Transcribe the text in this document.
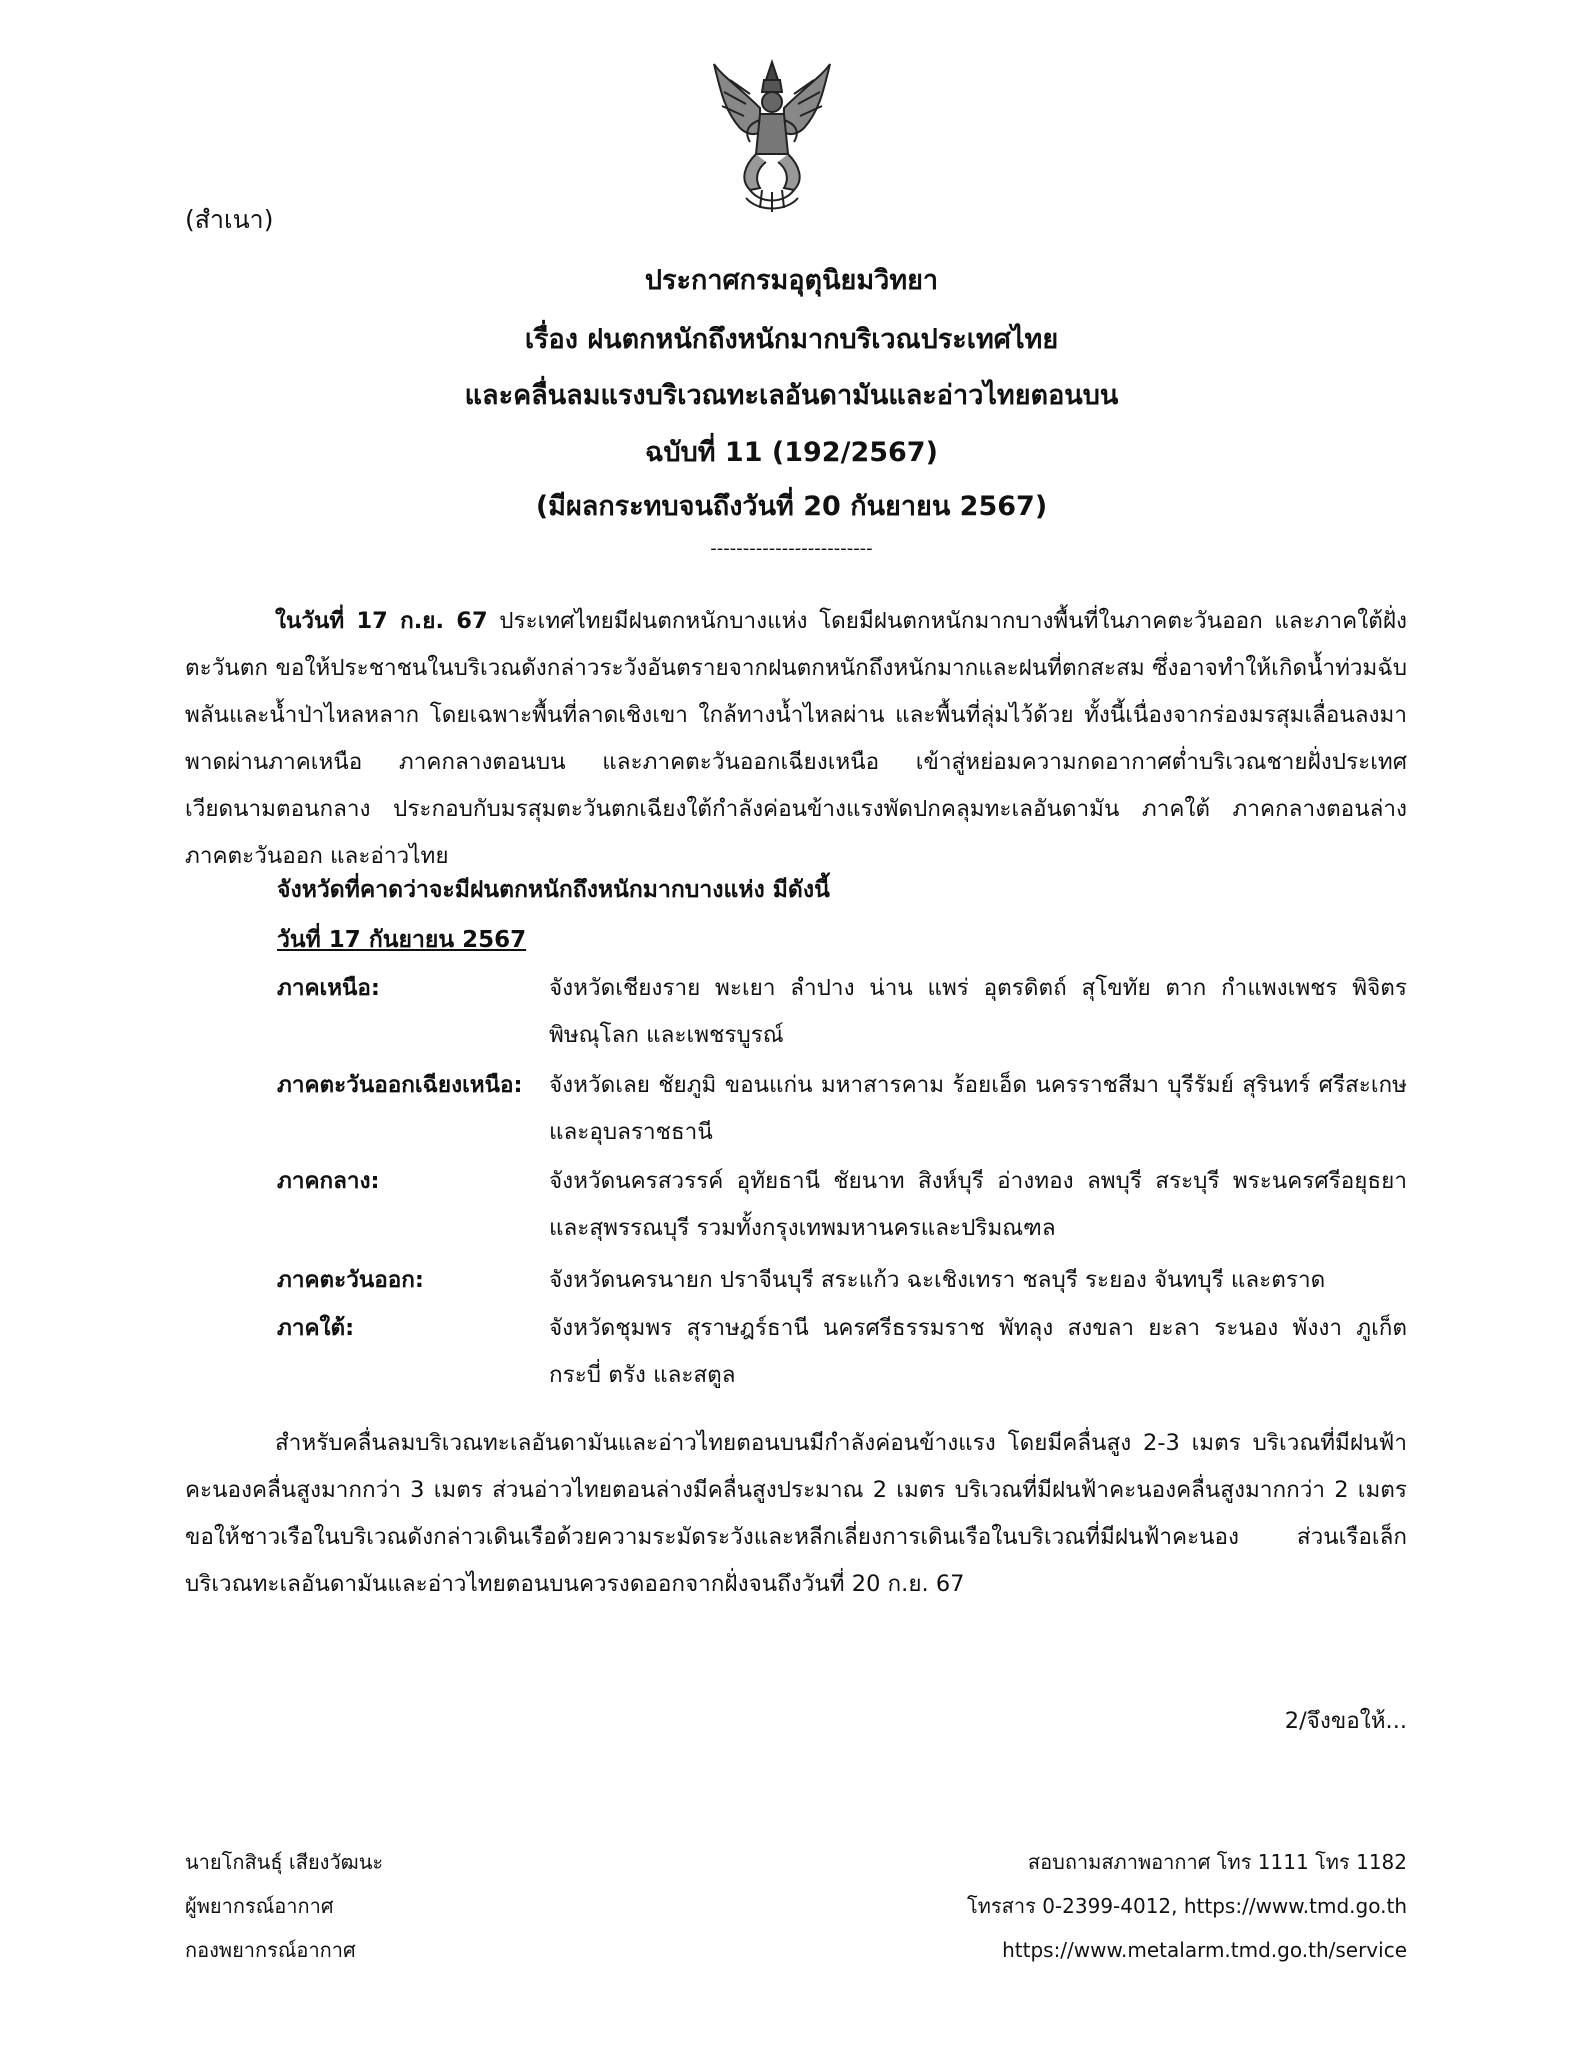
(สำเนา)
ประกาศกรมอุตุนิยมวิทยา
เรื่อง ฝนตกหนักถึงหนักมากบริเวณประเทศไทย
และคลื่นลมแรงบริเวณทะเลอันดามันและอ่าวไทยตอนบน
ฉบับที่ 11 (192/2567)
(มีผลกระทบจนถึงวันที่ 20 กันยายน 2567)
-------------------------
ในวันที่ 17 ก.ย. 67 ประเทศไทยมีฝนตกหนักบางแห่ง โดยมีฝนตกหนักมากบางพื้นที่ในภาคตะวันออก และภาคใต้ฝั่งตะวันตก ขอให้ประชาชนในบริเวณดังกล่าวระวังอันตรายจากฝนตกหนักถึงหนักมากและฝนที่ตกสะสม ซึ่งอาจทำให้เกิดน้ำท่วมฉับพลันและน้ำป่าไหลหลาก โดยเฉพาะพื้นที่ลาดเชิงเขา ใกล้ทางน้ำไหลผ่าน และพื้นที่ลุ่มไว้ด้วย ทั้งนี้เนื่องจากร่องมรสุมเลื่อนลงมาพาดผ่านภาคเหนือ ภาคกลางตอนบน และภาคตะวันออกเฉียงเหนือ เข้าสู่หย่อมความกดอากาศต่ำบริเวณชายฝั่งประเทศเวียดนามตอนกลาง ประกอบกับมรสุมตะวันตกเฉียงใต้กำลังค่อนข้างแรงพัดปกคลุมทะเลอันดามัน ภาคใต้ ภาคกลางตอนล่าง ภาคตะวันออก และอ่าวไทย
จังหวัดที่คาดว่าจะมีฝนตกหนักถึงหนักมากบางแห่ง มีดังนี้
วันที่ 17 กันยายน 2567
ภาคเหนือ:	จังหวัดเชียงราย พะเยา ลำปาง น่าน แพร่ อุตรดิตถ์ สุโขทัย ตาก กำแพงเพชร พิจิตร พิษณุโลก และเพชรบูรณ์
ภาคตะวันออกเฉียงเหนือ: จังหวัดเลย ชัยภูมิ ขอนแก่น มหาสารคาม ร้อยเอ็ด นครราชสีมา บุรีรัมย์ สุรินทร์ ศรีสะเกษ และอุบลราชธานี
ภาคกลาง:	จังหวัดนครสวรรค์ อุทัยธานี ชัยนาท สิงห์บุรี อ่างทอง ลพบุรี สระบุรี พระนครศรีอยุธยา และสุพรรณบุรี รวมทั้งกรุงเทพมหานครและปริมณฑล
ภาคตะวันออก:	จังหวัดนครนายก ปราจีนบุรี สระแก้ว ฉะเชิงเทรา ชลบุรี ระยอง จันทบุรี และตราด
ภาคใต้:	จังหวัดชุมพร สุราษฎร์ธานี นครศรีธรรมราช พัทลุง สงขลา ยะลา ระนอง พังงา ภูเก็ต กระบี่ ตรัง และสตูล
สำหรับคลื่นลมบริเวณทะเลอันดามันและอ่าวไทยตอนบนมีกำลังค่อนข้างแรง โดยมีคลื่นสูง 2-3 เมตร บริเวณที่มีฝนฟ้าคะนองคลื่นสูงมากกว่า 3 เมตร ส่วนอ่าวไทยตอนล่างมีคลื่นสูงประมาณ 2 เมตร บริเวณที่มีฝนฟ้าคะนองคลื่นสูงมากกว่า 2 เมตร ขอให้ชาวเรือในบริเวณดังกล่าวเดินเรือด้วยความระมัดระวังและหลีกเลี่ยงการเดินเรือในบริเวณที่มีฝนฟ้าคะนอง ส่วนเรือเล็กบริเวณทะเลอันดามันและอ่าวไทยตอนบนควรงดออกจากฝั่งจนถึงวันที่ 20 ก.ย. 67
2/จึงขอให้...
นายโกสินธุ์ เสียงวัฒนะ
ผู้พยากรณ์อากาศ
กองพยากรณ์อากาศ
สอบถามสภาพอากาศ โทร 1111 โทร 1182
โทรสาร 0-2399-4012, https://www.tmd.go.th
https://www.metalarm.tmd.go.th/service
